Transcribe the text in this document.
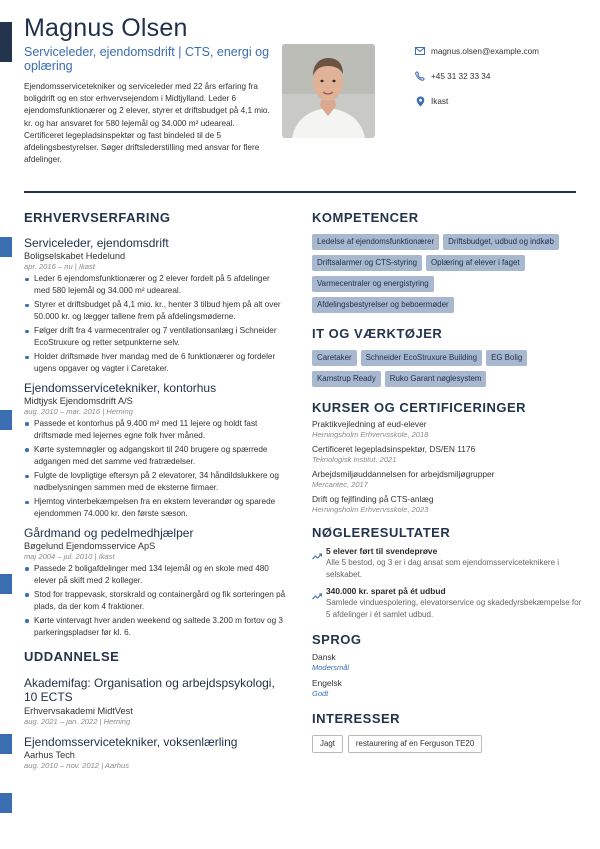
Magnus Olsen
Serviceleder, ejendomsdrift | CTS, energi og oplæring

Ejendomsservicetekniker og serviceleder med 22 års erfaring fra boligdrift og en stor erhvervsejendom i Midtjylland. Leder 6 ejendomsfunktionærer og 2 elever, styrer et driftsbudget på 4,1 mio. kr. og har ansvaret for 580 lejemål og 34.000 m² udeareal. Certificeret legepladsinspektør og fast bindeled til de 5 afdelingsbestyrelser. Søger driftslederstilling med ansvar for flere afdelinger.

magnus.olsen@example.com
+45 31 32 33 34
Ikast
ERHVERVSERFARING
Serviceleder, ejendomsdrift
Boligselskabet Hedelund
apr. 2016 – nu | Ikast
Leder 6 ejendomsfunktionærer og 2 elever fordelt på 5 afdelinger med 580 lejemål og 34.000 m² udeareal.
Styrer et driftsbudget på 4,1 mio. kr., henter 3 tilbud hjem på alt over 50.000 kr. og lægger tallene frem på afdelingsmøderne.
Følger drift fra 4 varmecentraler og 7 ventilationsanlæg i Schneider EcoStruxure og retter setpunkterne selv.
Holder driftsmøde hver mandag med de 6 funktionærer og fordeler ugens opgaver og vagter i Caretaker.
Ejendomsservicetekniker, kontorhus
Midtjysk Ejendomsdrift A/S
aug. 2010 – mar. 2016 | Herning
Passede et kontorhus på 9.400 m² med 11 lejere og holdt fast driftsmøde med lejernes egne folk hver måned.
Kørte systemnøgler og adgangskort til 240 brugere og spærrede adgangen med det samme ved fratrædelser.
Fulgte de lovpligtige eftersyn på 2 elevatorer, 34 håndildslukkere og nødbelysningen sammen med de eksterne firmaer.
Hjemtog vinterbekæmpelsen fra en ekstern leverandør og sparede ejendommen 74.000 kr. den første sæson.
Gårdmand og pedelmedhjælper
Bøgelund Ejendomsservice ApS
maj 2004 – jul. 2010 | Ikast
Passede 2 boligafdelinger med 134 lejemål og en skole med 480 elever på skift med 2 kolleger.
Stod for trappevask, storskrald og containergård og fik sorteringen på plads, da der kom 4 fraktioner.
Kørte vintervagt hver anden weekend og saltede 3.200 m fortov og 3 parkeringspladser før kl. 6.
UDDANNELSE
Akademifag: Organisation og arbejdspsykologi, 10 ECTS
Erhvervsakademi MidtVest
aug. 2021 – jan. 2022 | Herning
Ejendomsservicetekniker, voksenlærling
Aarhus Tech
aug. 2010 – nov. 2012 | Aarhus
KOMPETENCER
Ledelse af ejendomsfunktionærer	Driftsbudget, udbud og indkøb
Driftsalarmer og CTS-styring	Oplæring af elever i faget
Varmecentraler og energistyring
Afdelingsbestyrelser og beboermøder
IT OG VÆRKTØJER
Caretaker	Schneider EcoStruxure Building	EG Bolig
Kamstrup Ready	Ruko Garant nøglesystem
KURSER OG CERTIFICERINGER
Praktikvejledning af eud-elever
Herningsholm Erhvervsskole, 2018
Certificeret legepladsinspektør, DS/EN 1176
Teknologisk Institut, 2021
Arbejdsmiljøuddannelsen for arbejdsmiljøgrupper
Mercantec, 2017
Drift og fejlfinding på CTS-anlæg
Herningsholm Erhvervsskole, 2023
NØGLERESULTATER
5 elever ført til svendeprøve
Alle 5 bestod, og 3 er i dag ansat som ejendomsserviceteknikere i selskabet.
340.000 kr. sparet på ét udbud
Samlede vinduespolering, elevatorservice og skadedyrsbekæmpelse for 5 afdelinger i ét samlet udbud.
SPROG
Dansk
Modersmål
Engelsk
Godt
INTERESSER
Jagt	restaurering af en Ferguson TE20
